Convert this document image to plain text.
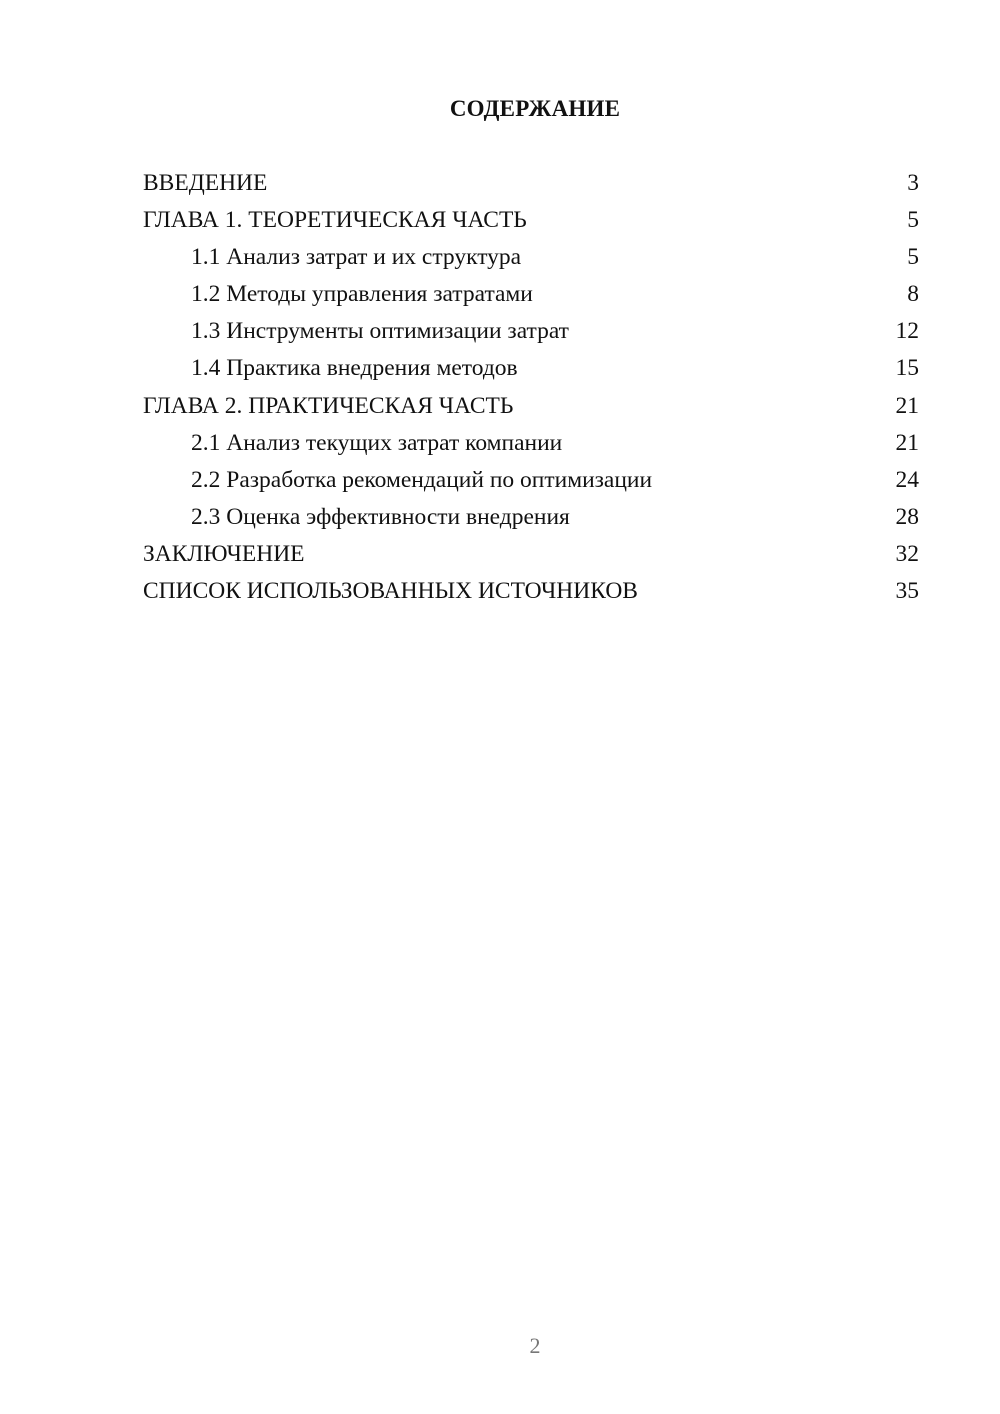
СОДЕРЖАНИЕ
ВВЕДЕНИЕ	3
ГЛАВА 1. ТЕОРЕТИЧЕСКАЯ ЧАСТЬ	5
1.1 Анализ затрат и их структура	5
1.2 Методы управления затратами	8
1.3 Инструменты оптимизации затрат	12
1.4 Практика внедрения методов	15
ГЛАВА 2. ПРАКТИЧЕСКАЯ ЧАСТЬ	21
2.1 Анализ текущих затрат компании	21
2.2 Разработка рекомендаций по оптимизации	24
2.3 Оценка эффективности внедрения	28
ЗАКЛЮЧЕНИЕ	32
СПИСОК ИСПОЛЬЗОВАННЫХ ИСТОЧНИКОВ	35
2
